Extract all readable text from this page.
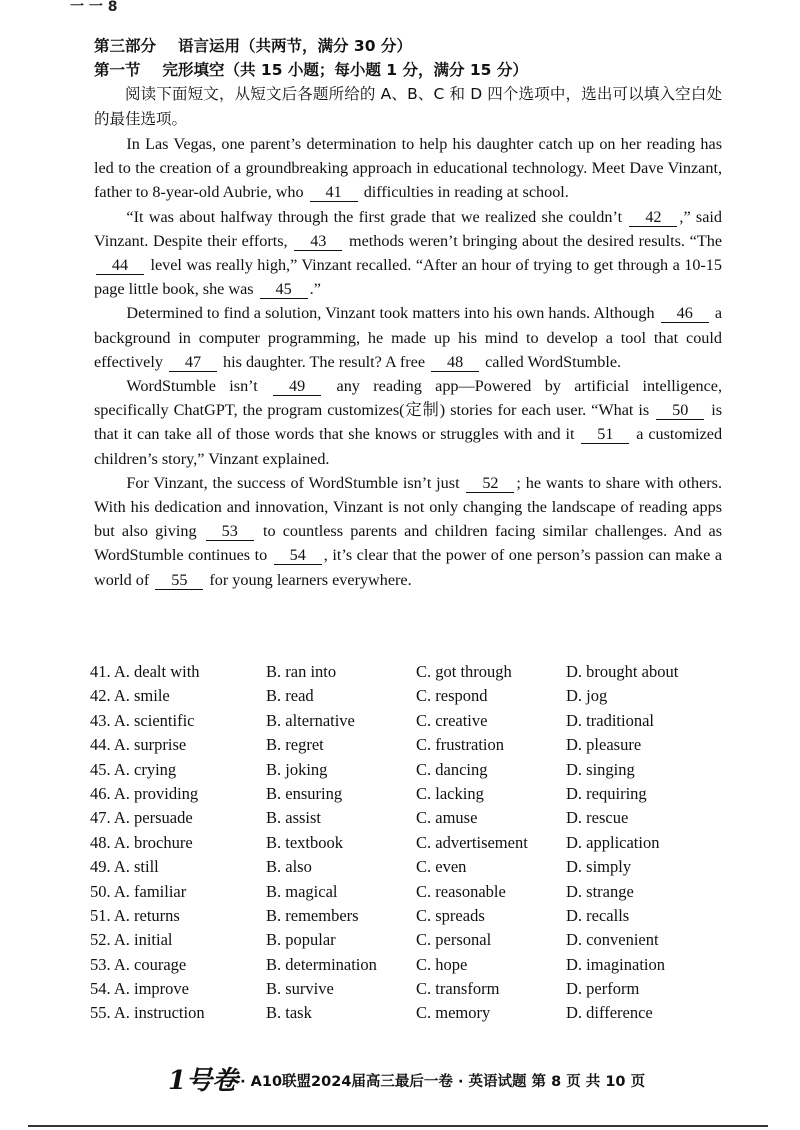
一 一 8
第三部分 语言运用（共两节，满分 30 分）
第一节 完形填空（共 15 小题；每小题 1 分，满分 15 分）

阅读下面短文，从短文后各题所给的 A、B、C 和 D 四个选项中，选出可以填入空白处的最佳选项。

In Las Vegas, one parent’s determination to help his daughter catch up on her reading has led to the creation of a groundbreaking approach in educational technology. Meet Dave Vinzant, father to 8-year-old Aubrie, who 41 difficulties in reading at school.

“It was about halfway through the first grade that we realized she couldn’t 42 ,” said Vinzant. Despite their efforts, 43 methods weren’t bringing about the desired results. “The 44 level was really high,” Vinzant recalled. “After an hour of trying to get through a 10-15 page little book, she was 45 .”

Determined to find a solution, Vinzant took matters into his own hands. Although 46 a background in computer programming, he made up his mind to develop a tool that could effectively 47 his daughter. The result? A free 48 called WordStumble.

WordStumble isn’t 49 any reading app—Powered by artificial intelligence, specifically ChatGPT, the program customizes(定制) stories for each user. “What is 50 is that it can take all of those words that she knows or struggles with and it 51 a customized children’s story,” Vinzant explained.

For Vinzant, the success of WordStumble isn’t just 52 ; he wants to share with others. With his dedication and innovation, Vinzant is not only changing the landscape of reading apps but also giving 53 to countless parents and children facing similar challenges. And as WordStumble continues to 54 , it’s clear that the power of one person’s passion can make a world of 55 for young learners everywhere.

41. A. dealt with	B. ran into	C. got through	D. brought about
42. A. smile	B. read	C. respond	D. jog
43. A. scientific	B. alternative	C. creative	D. traditional
44. A. surprise	B. regret	C. frustration	D. pleasure
45. A. crying	B. joking	C. dancing	D. singing
46. A. providing	B. ensuring	C. lacking	D. requiring
47. A. persuade	B. assist	C. amuse	D. rescue
48. A. brochure	B. textbook	C. advertisement D. application
49. A. still	B. also	C. even	D. simply
50. A. familiar	B. magical	C. reasonable	D. strange
51. A. returns	B. remembers	C. spreads	D. recalls
52. A. initial	B. popular	C. personal	D. convenient
53. A. courage	B. determination C. hope	D. imagination
54. A. improve	B. survive	C. transform	D. perform
55. A. instruction	B. task	C. memory	D. difference
1号卷 · A10联盟2024届高三最后一卷 · 英语试题 第 8 页 共 10 页
